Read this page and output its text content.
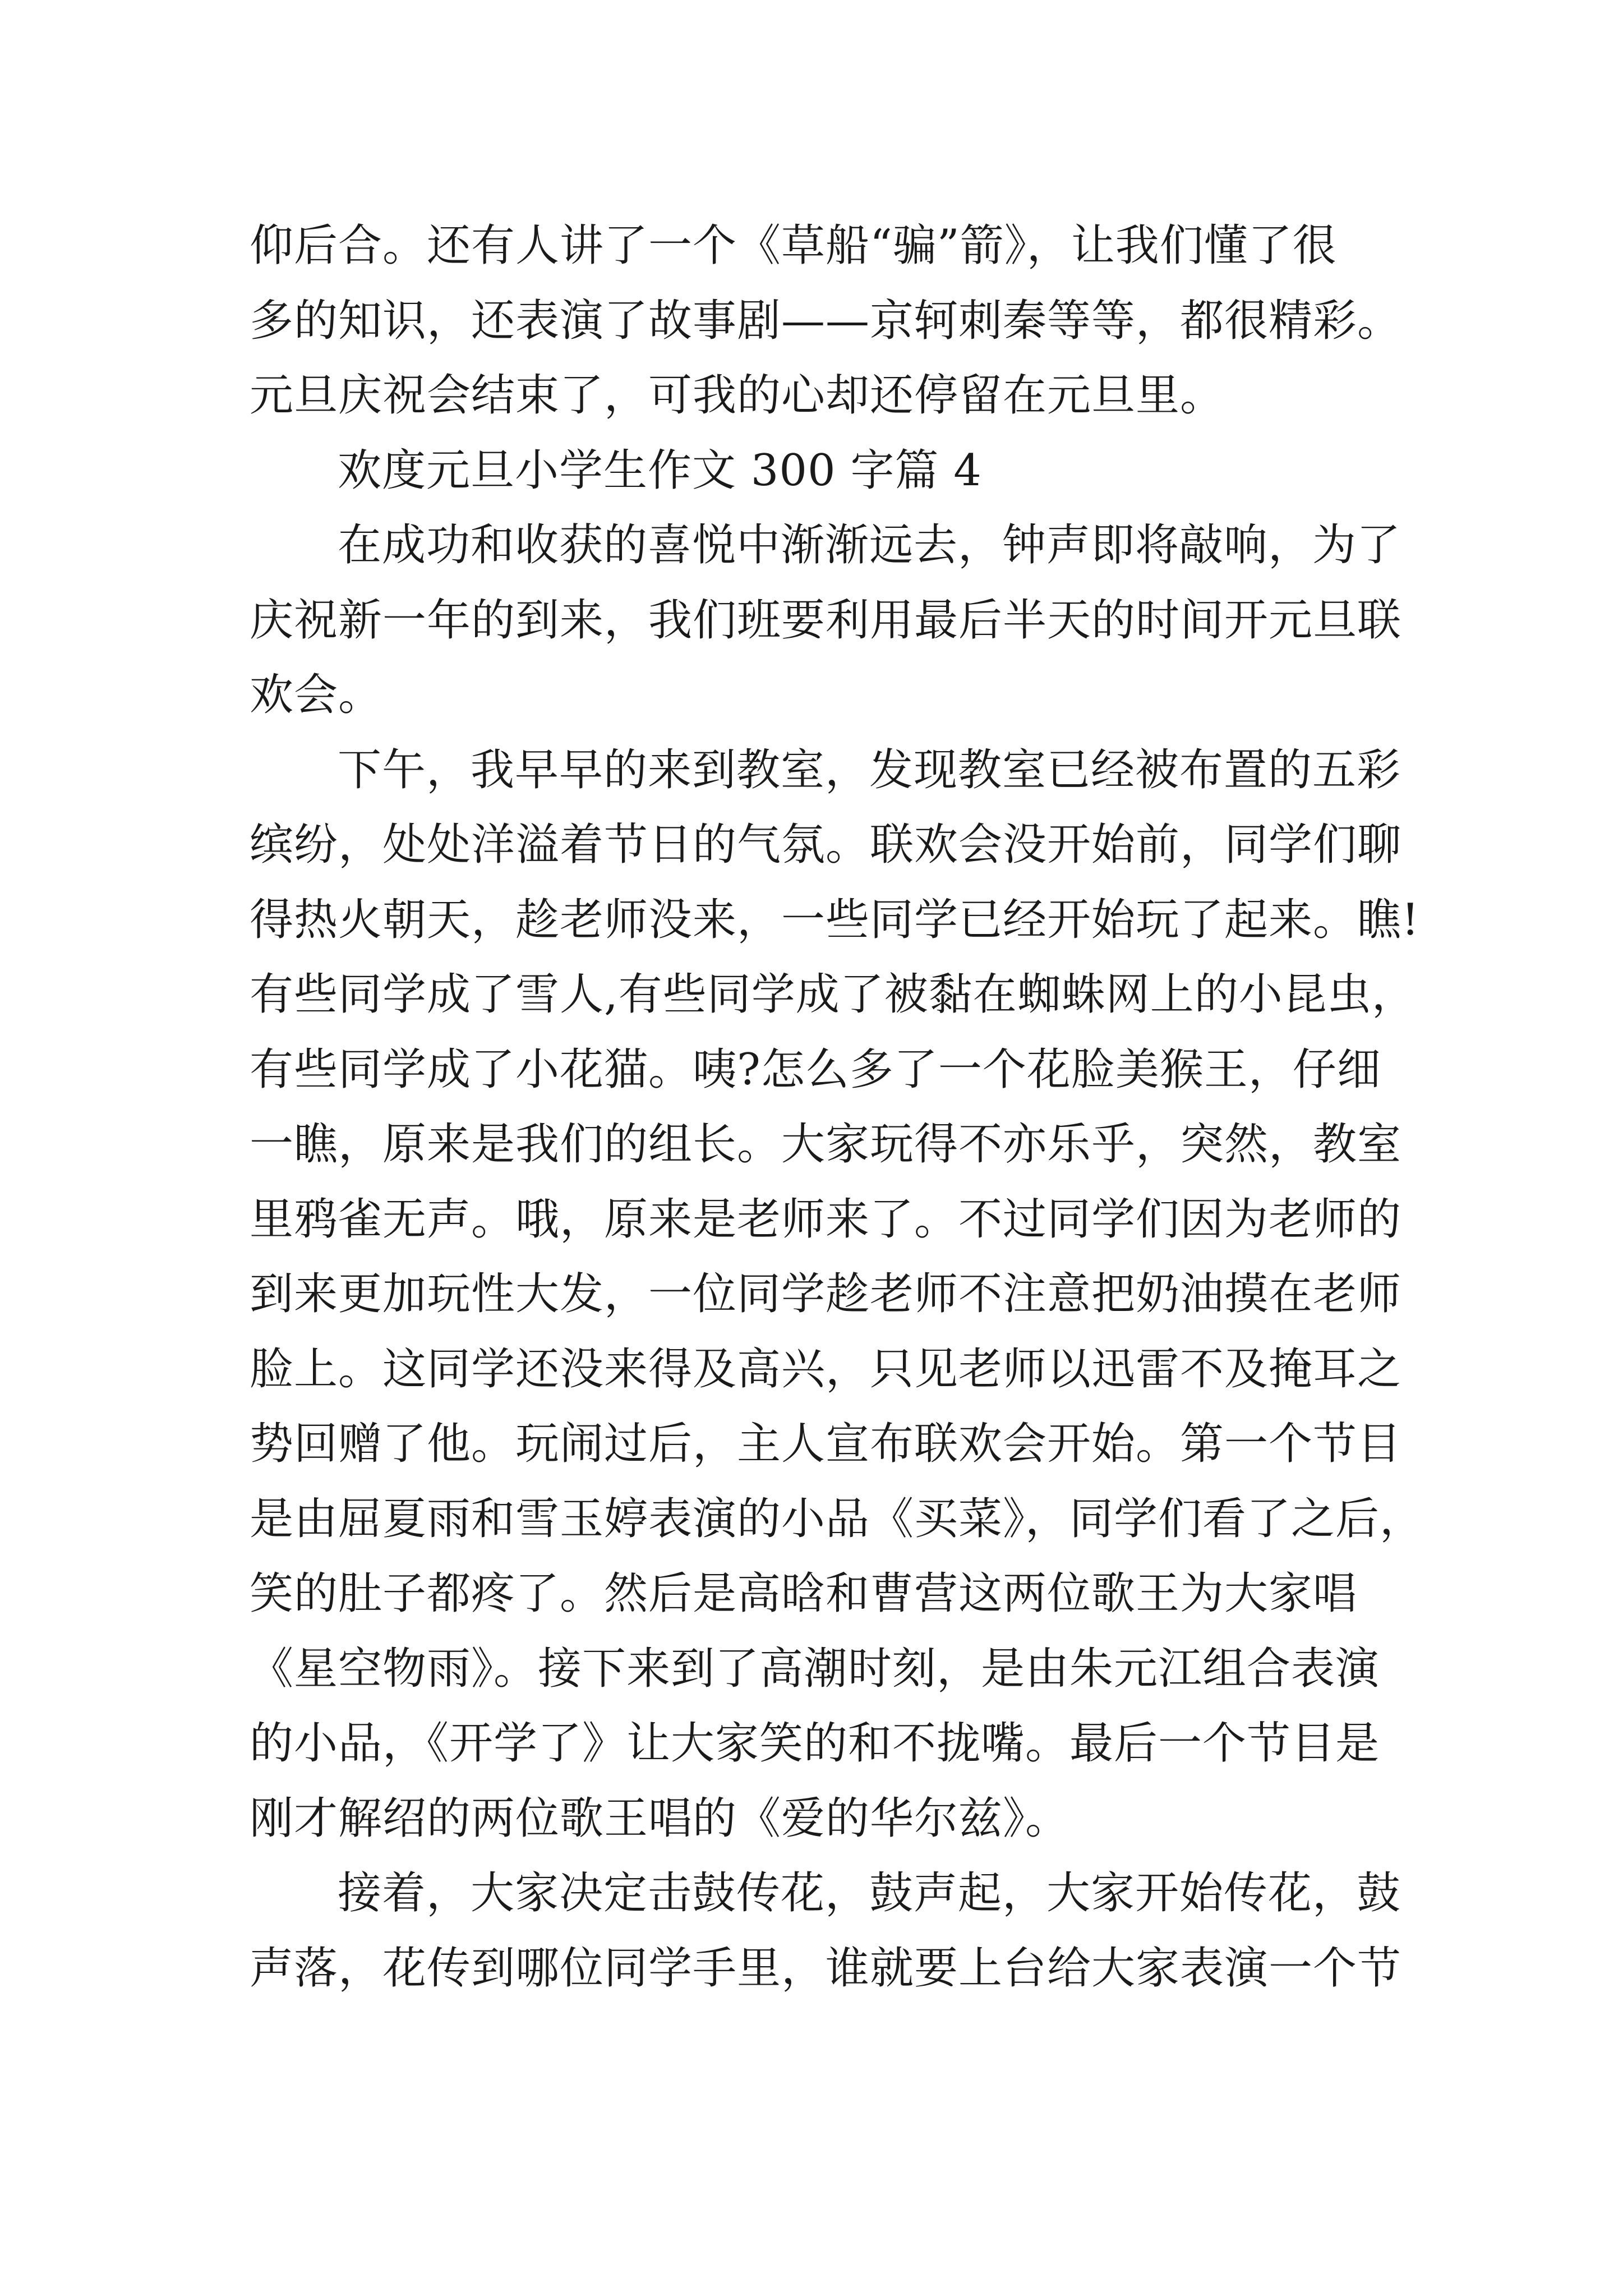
仰后合。还有人讲了一个《草船“骗”箭》，让我们懂了很
多的知识，还表演了故事剧——京轲刺秦等等，都很精彩。
元旦庆祝会结束了，可我的心却还停留在元旦里。
欢度元旦小学生作文 300 字篇 4
在成功和收获的喜悦中渐渐远去，钟声即将敲响，为了
庆祝新一年的到来，我们班要利用最后半天的时间开元旦联
欢会。
下午，我早早的来到教室，发现教室已经被布置的五彩
缤纷，处处洋溢着节日的气氛。联欢会没开始前，同学们聊
得热火朝天，趁老师没来，一些同学已经开始玩了起来。瞧!
有些同学成了雪人,有些同学成了被黏在蜘蛛网上的小昆虫，
有些同学成了小花猫。咦?怎么多了一个花脸美猴王，仔细
一瞧，原来是我们的组长。大家玩得不亦乐乎，突然，教室
里鸦雀无声。哦，原来是老师来了。不过同学们因为老师的
到来更加玩性大发，一位同学趁老师不注意把奶油摸在老师
脸上。这同学还没来得及高兴，只见老师以迅雷不及掩耳之
势回赠了他。玩闹过后，主人宣布联欢会开始。第一个节目
是由屈夏雨和雪玉婷表演的小品《买菜》，同学们看了之后，
笑的肚子都疼了。然后是高晗和曹营这两位歌王为大家唱
《星空物雨》。接下来到了高潮时刻，是由朱元江组合表演
的小品，《开学了》让大家笑的和不拢嘴。最后一个节目是
刚才解绍的两位歌王唱的《爱的华尔兹》。
接着，大家决定击鼓传花，鼓声起，大家开始传花，鼓
声落，花传到哪位同学手里，谁就要上台给大家表演一个节
